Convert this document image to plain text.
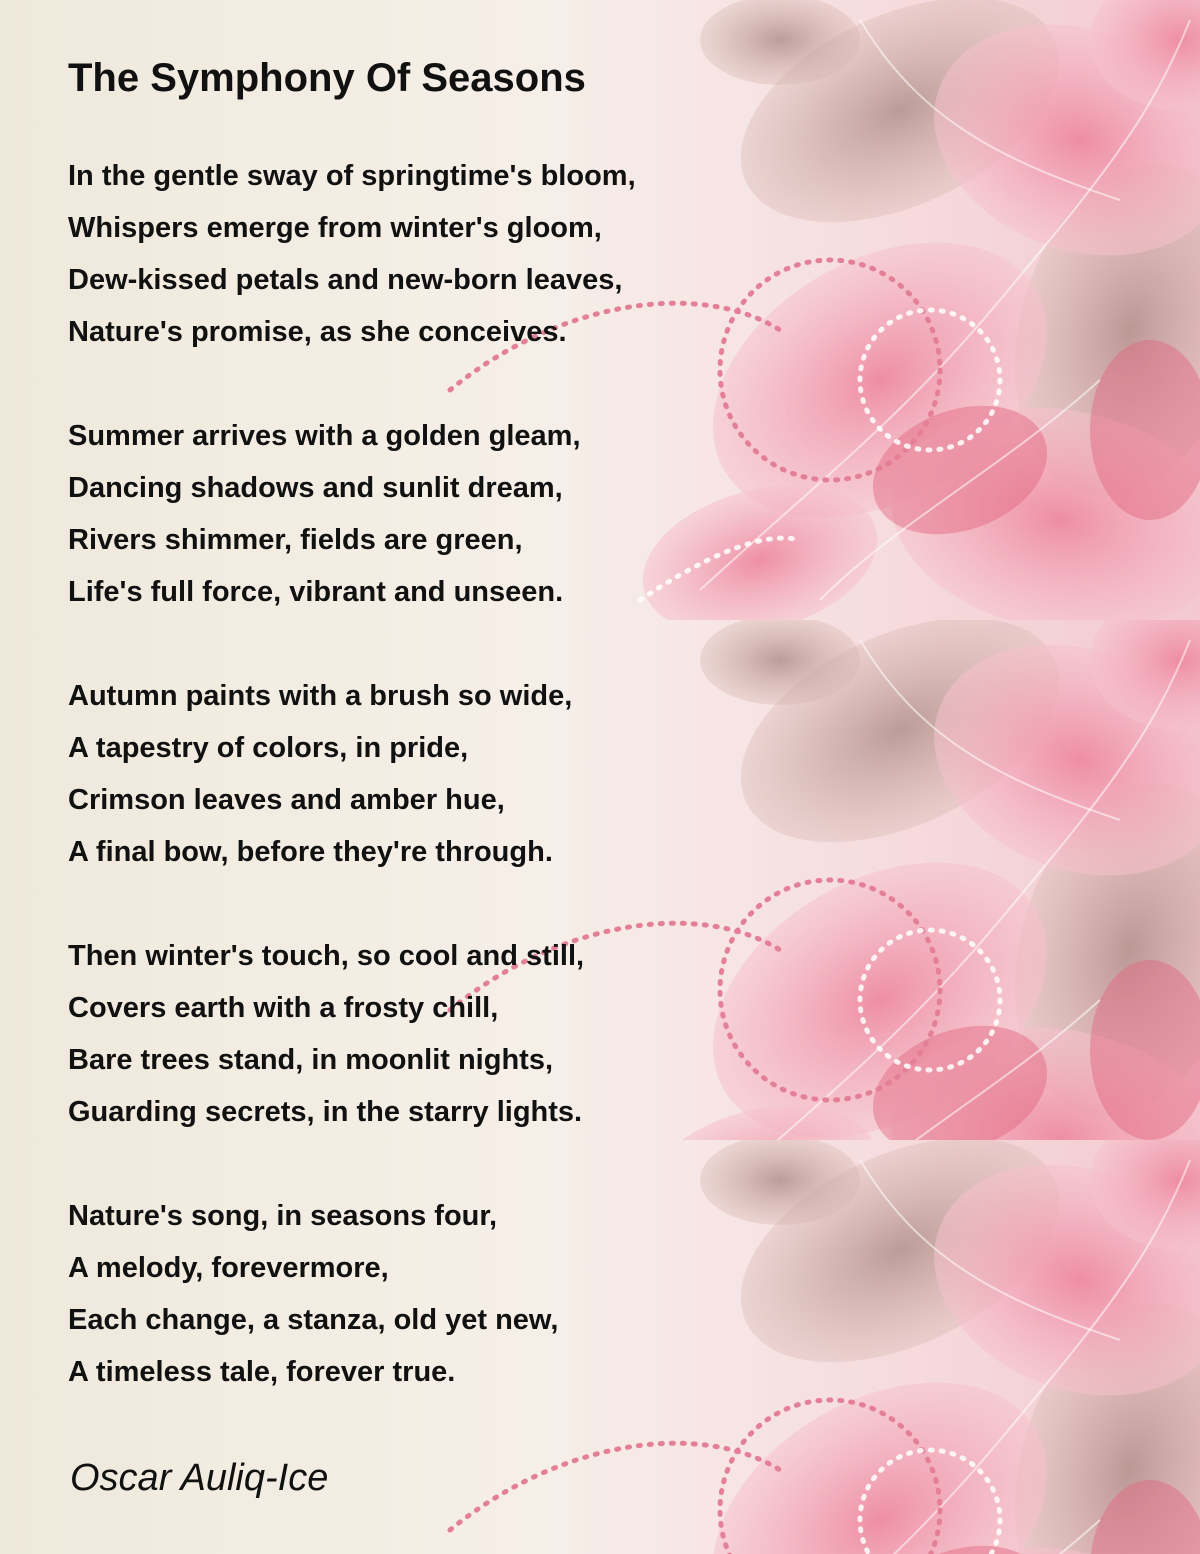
The Symphony Of Seasons
In the gentle sway of springtime's bloom,
Whispers emerge from winter's gloom,
Dew-kissed petals and new-born leaves,
Nature's promise, as she conceives.
Summer arrives with a golden gleam,
Dancing shadows and sunlit dream,
Rivers shimmer, fields are green,
Life's full force, vibrant and unseen.
Autumn paints with a brush so wide,
A tapestry of colors, in pride,
Crimson leaves and amber hue,
A final bow, before they're through.
Then winter's touch, so cool and still,
Covers earth with a frosty chill,
Bare trees stand, in moonlit nights,
Guarding secrets, in the starry lights.
Nature's song, in seasons four,
A melody, forevermore,
Each change, a stanza, old yet new,
A timeless tale, forever true.
Oscar Auliq-Ice
